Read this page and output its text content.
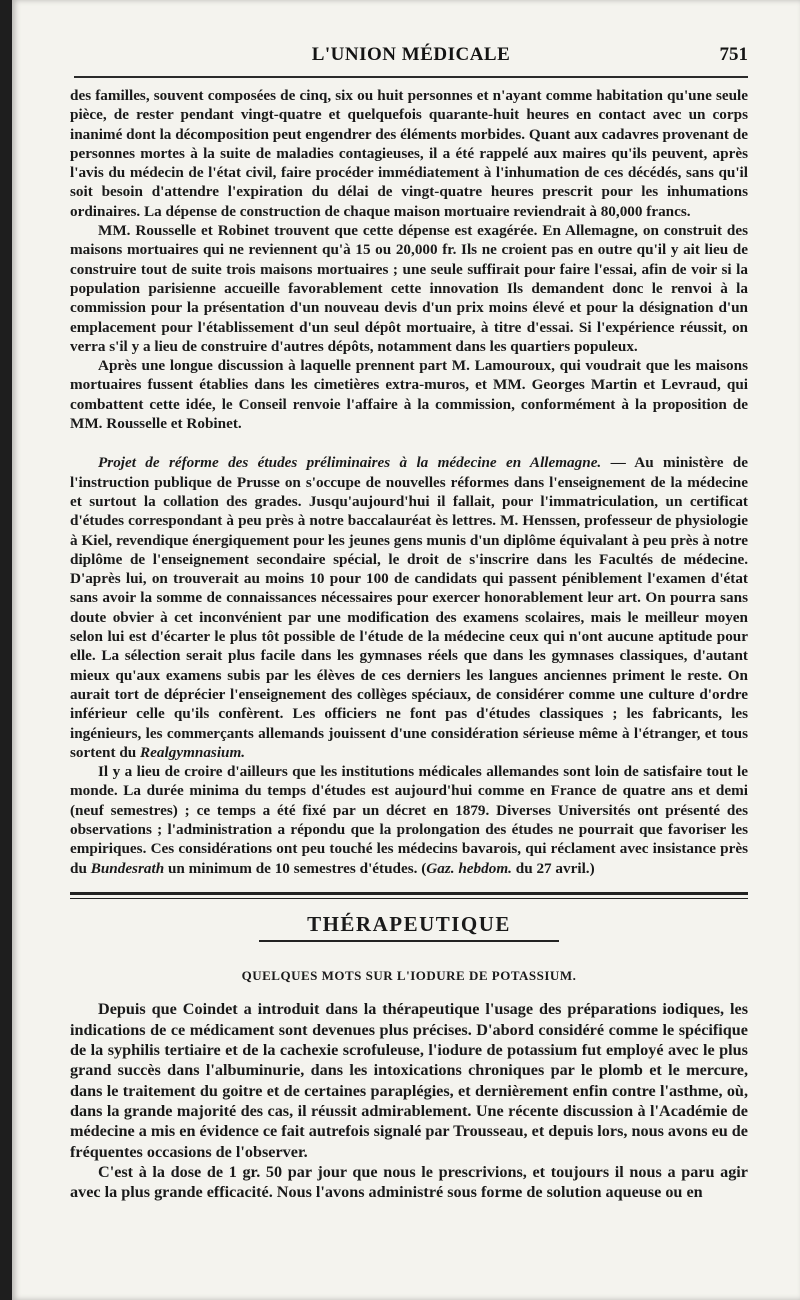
L'UNION MÉDICALE	751

des familles, souvent composées de cinq, six ou huit personnes et n'ayant comme habitation qu'une seule pièce, de rester pendant vingt-quatre et quelquefois quarante-huit heures en contact avec un corps inanimé dont la décomposition peut engendrer des éléments morbides. Quant aux cadavres provenant de personnes mortes à la suite de maladies contagieuses, il a été rappelé aux maires qu'ils peuvent, après l'avis du médecin de l'état civil, faire procéder immédiatement à l'inhumation de ces décédés, sans qu'il soit besoin d'attendre l'expiration du délai de vingt-quatre heures prescrit pour les inhumations ordinaires. La dépense de construction de chaque maison mortuaire reviendrait à 80,000 francs.

MM. Rousselle et Robinet trouvent que cette dépense est exagérée. En Allemagne, on construit des maisons mortuaires qui ne reviennent qu'à 15 ou 20,000 fr. Ils ne croient pas en outre qu'il y ait lieu de construire tout de suite trois maisons mortuaires ; une seule suffirait pour faire l'essai, afin de voir si la population parisienne accueille favorablement cette innovation Ils demandent donc le renvoi à la commission pour la présentation d'un nouveau devis d'un prix moins élevé et pour la désignation d'un emplacement pour l'établissement d'un seul dépôt mortuaire, à titre d'essai. Si l'expérience réussit, on verra s'il y a lieu de construire d'autres dépôts, notamment dans les quartiers populeux.

Après une longue discussion à laquelle prennent part M. Lamouroux, qui voudrait que les maisons mortuaires fussent établies dans les cimetières extra-muros, et MM. Georges Martin et Levraud, qui combattent cette idée, le Conseil renvoie l'affaire à la commission, conformément à la proposition de MM. Rousselle et Robinet.

Projet de réforme des études préliminaires à la médecine en Allemagne. — Au ministère de l'instruction publique de Prusse on s'occupe de nouvelles réformes dans l'enseignement de la médecine et surtout la collation des grades. Jusqu'aujourd'hui il fallait, pour l'immatriculation, un certificat d'études correspondant à peu près à notre baccalauréat ès lettres. M. Henssen, professeur de physiologie à Kiel, revendique énergiquement pour les jeunes gens munis d'un diplôme équivalant à peu près à notre diplôme de l'enseignement secondaire spécial, le droit de s'inscrire dans les Facultés de médecine. D'après lui, on trouverait au moins 10 pour 100 de candidats qui passent péniblement l'examen d'état sans avoir la somme de connaissances nécessaires pour exercer honorablement leur art. On pourra sans doute obvier à cet inconvénient par une modification des examens scolaires, mais le meilleur moyen selon lui est d'écarter le plus tôt possible de l'étude de la médecine ceux qui n'ont aucune aptitude pour elle. La sélection serait plus facile dans les gymnases réels que dans les gymnases classiques, d'autant mieux qu'aux examens subis par les élèves de ces derniers les langues anciennes priment le reste. On aurait tort de déprécier l'enseignement des collèges spéciaux, de considérer comme une culture d'ordre inférieur celle qu'ils confèrent. Les officiers ne font pas d'études classiques ; les fabricants, les ingénieurs, les commerçants allemands jouissent d'une considération sérieuse même à l'étranger, et tous sortent du Realgymnasium.

Il y a lieu de croire d'ailleurs que les institutions médicales allemandes sont loin de satisfaire tout le monde. La durée minima du temps d'études est aujourd'hui comme en France de quatre ans et demi (neuf semestres) ; ce temps a été fixé par un décret en 1879. Diverses Universités ont présenté des observations ; l'administration a répondu que la prolongation des études ne pourrait que favoriser les empiriques. Ces considérations ont peu touché les médecins bavarois, qui réclament avec insistance près du Bundesrath un minimum de 10 semestres d'études. (Gaz. hebdom. du 27 avril.)

THÉRAPEUTIQUE
QUELQUES MOTS SUR L'IODURE DE POTASSIUM.

Depuis que Coindet a introduit dans la thérapeutique l'usage des préparations iodiques, les indications de ce médicament sont devenues plus précises. D'abord considéré comme le spécifique de la syphilis tertiaire et de la cachexie scrofuleuse, l'iodure de potassium fut employé avec le plus grand succès dans l'albuminurie, dans les intoxications chroniques par le plomb et le mercure, dans le traitement du goitre et de certaines paraplégies, et dernièrement enfin contre l'asthme, où, dans la grande majorité des cas, il réussit admirablement. Une récente discussion à l'Académie de médecine a mis en évidence ce fait autrefois signalé par Trousseau, et depuis lors, nous avons eu de fréquentes occasions de l'observer.

C'est à la dose de 1 gr. 50 par jour que nous le prescrivions, et toujours il nous a paru agir avec la plus grande efficacité. Nous l'avons administré sous forme de solution aqueuse ou en
